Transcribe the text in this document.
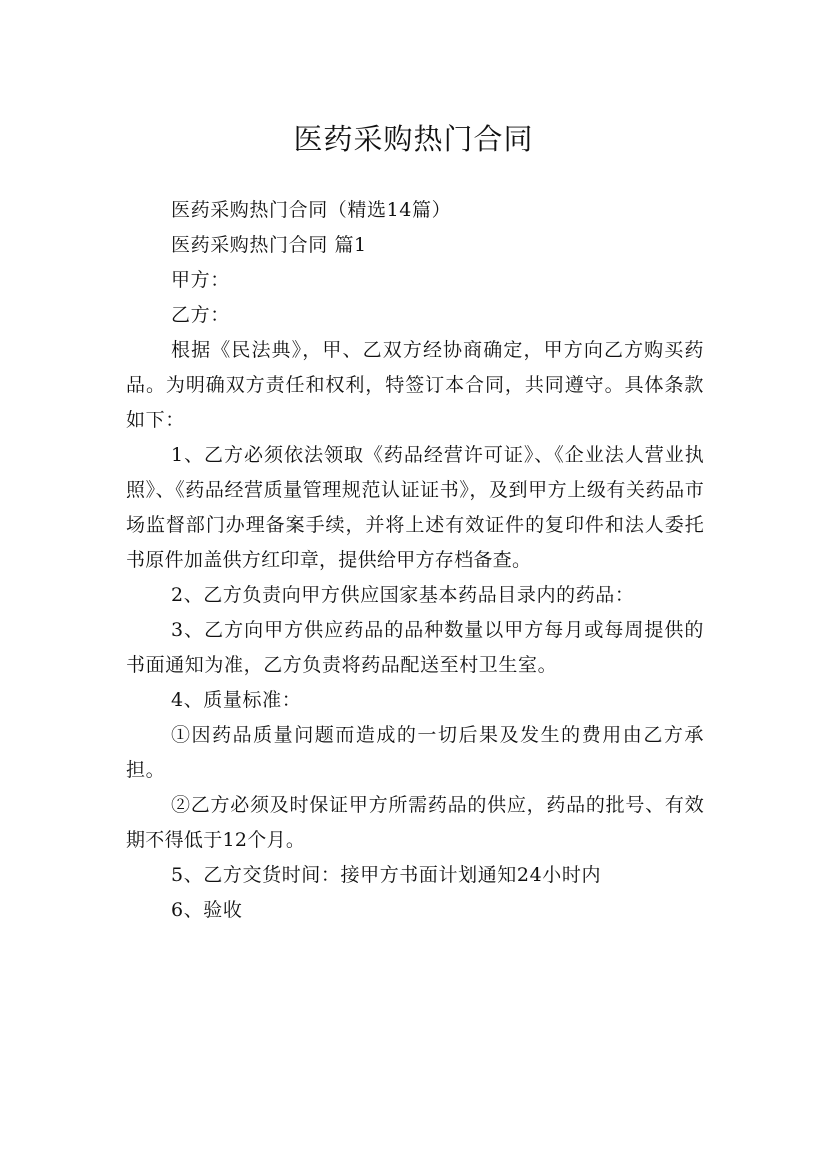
医药采购热门合同

医药采购热门合同（精选14篇）

医药采购热门合同 篇1

甲方：

乙方：

根据《民法典》，甲、乙双方经协商确定，甲方向乙方购买药品。为明确双方责任和权利，特签订本合同，共同遵守。具体条款如下：

1、乙方必须依法领取《药品经营许可证》、《企业法人营业执照》、《药品经营质量管理规范认证证书》，及到甲方上级有关药品市场监督部门办理备案手续，并将上述有效证件的复印件和法人委托书原件加盖供方红印章，提供给甲方存档备查。

2、乙方负责向甲方供应国家基本药品目录内的药品：

3、乙方向甲方供应药品的品种数量以甲方每月或每周提供的书面通知为准，乙方负责将药品配送至村卫生室。

4、质量标准：

①因药品质量问题而造成的一切后果及发生的费用由乙方承担。

②乙方必须及时保证甲方所需药品的供应，药品的批号、有效期不得低于12个月。

5、乙方交货时间：接甲方书面计划通知24小时内

6、验收
